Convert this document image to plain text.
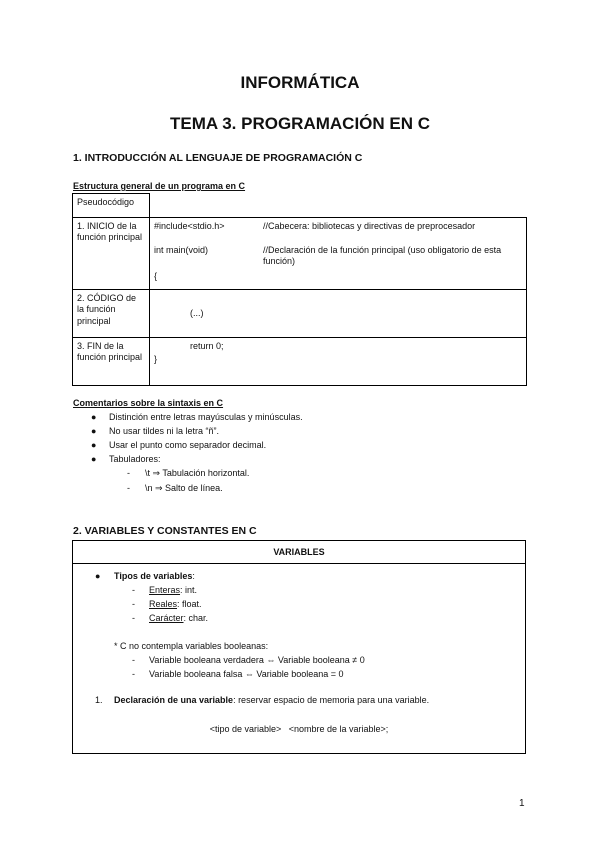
INFORMÁTICA
TEMA 3. PROGRAMACIÓN EN C
1. INTRODUCCIÓN AL LENGUAJE DE PROGRAMACIÓN C
Estructura general de un programa en C
Pseudocódigo	
1. INICIO de la función principal	#include<stdio.h> //Cabecera: bibliotecas y directivas de preprocesador
int main(void) //Declaración de la función principal (uso obligatorio de esta función)
{

2. CÓDIGO de la función principal	(...)
3. FIN de la función principal	return 0;
}
Comentarios sobre la sintaxis en C
● Distinción entre letras mayúsculas y minúsculas.
● No usar tildes ni la letra “ñ”.
● Usar el punto como separador decimal.
● Tabuladores:
- \t ⇒ Tabulación horizontal.
- \n ⇒ Salto de línea.
2. VARIABLES Y CONSTANTES EN C
VARIABLES
● Tipos de variables:
- Enteras: int.
- Reales: float.
- Carácter: char.
* C no contempla variables booleanas:
- Variable booleana verdadera ⇔ Variable booleana ≠ 0
- Variable booleana falsa ⇔ Variable booleana = 0
1. Declaración de una variable: reservar espacio de memoria para una variable.
<tipo de variable>   <nombre de la variable>;
1
